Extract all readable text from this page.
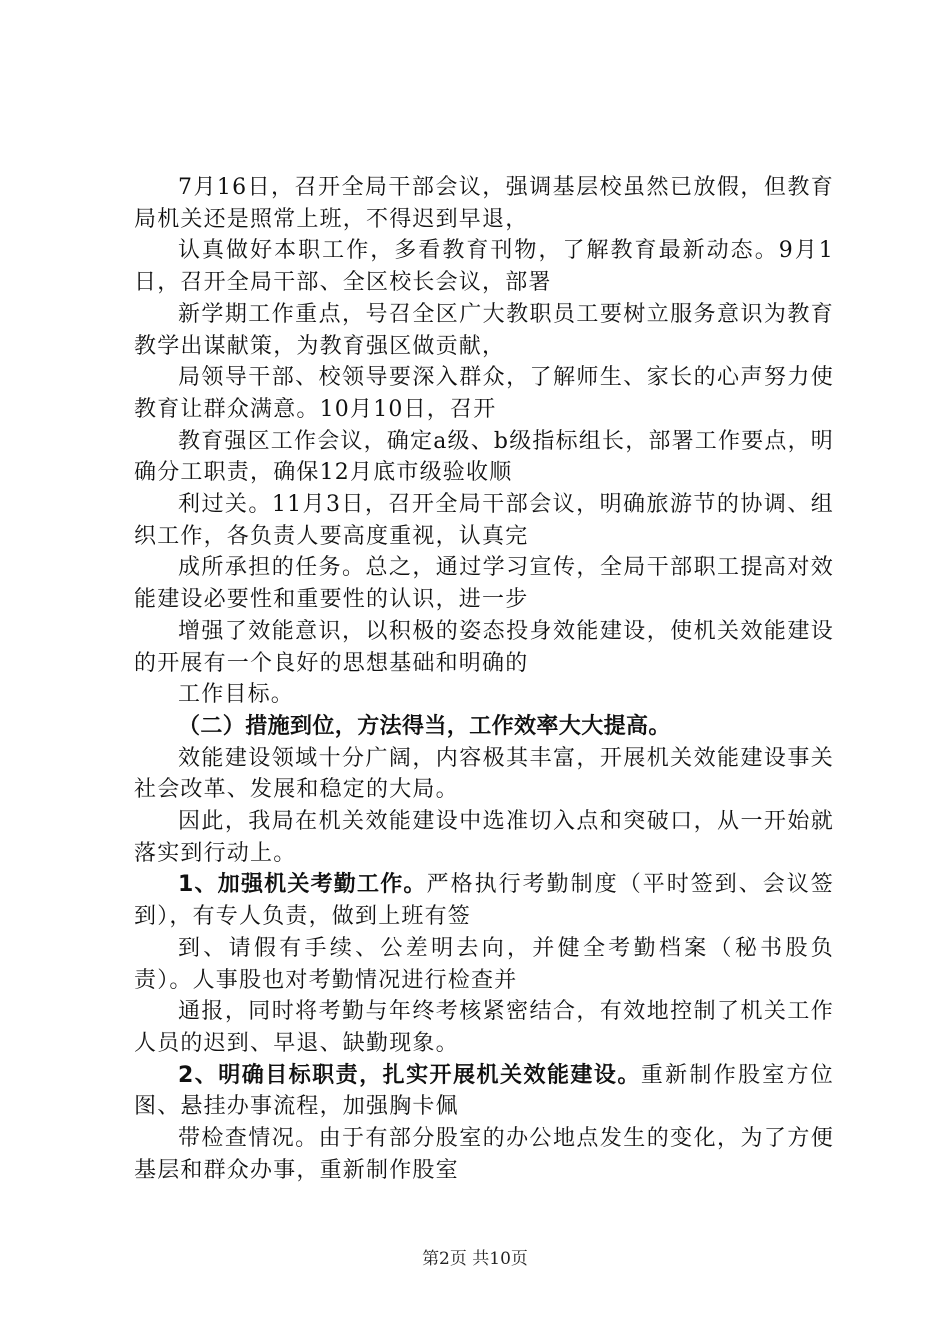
7月16日，召开全局干部会议，强调基层校虽然已放假，但教育局机关还是照常上班，不得迟到早退，

认真做好本职工作，多看教育刊物，了解教育最新动态。9月1日，召开全局干部、全区校长会议，部署

新学期工作重点，号召全区广大教职员工要树立服务意识为教育教学出谋献策，为教育强区做贡献，

局领导干部、校领导要深入群众，了解师生、家长的心声努力使教育让群众满意。10月10日，召开

教育强区工作会议，确定a级、b级指标组长，部署工作要点，明确分工职责，确保12月底市级验收顺

利过关。11月3日，召开全局干部会议，明确旅游节的协调、组织工作，各负责人要高度重视，认真完

成所承担的任务。总之，通过学习宣传，全局干部职工提高对效能建设必要性和重要性的认识，进一步

增强了效能意识，以积极的姿态投身效能建设，使机关效能建设的开展有一个良好的思想基础和明确的

工作目标。

（二）措施到位，方法得当，工作效率大大提高。

效能建设领域十分广阔，内容极其丰富，开展机关效能建设事关社会改革、发展和稳定的大局。

因此，我局在机关效能建设中选准切入点和突破口，从一开始就落实到行动上。

1、加强机关考勤工作。严格执行考勤制度（平时签到、会议签到），有专人负责，做到上班有签

到、请假有手续、公差明去向，并健全考勤档案（秘书股负责）。人事股也对考勤情况进行检查并

通报，同时将考勤与年终考核紧密结合，有效地控制了机关工作人员的迟到、早退、缺勤现象。

2、明确目标职责，扎实开展机关效能建设。重新制作股室方位图、悬挂办事流程，加强胸卡佩

带检查情况。由于有部分股室的办公地点发生的变化，为了方便基层和群众办事，重新制作股室

第2页 共10页
